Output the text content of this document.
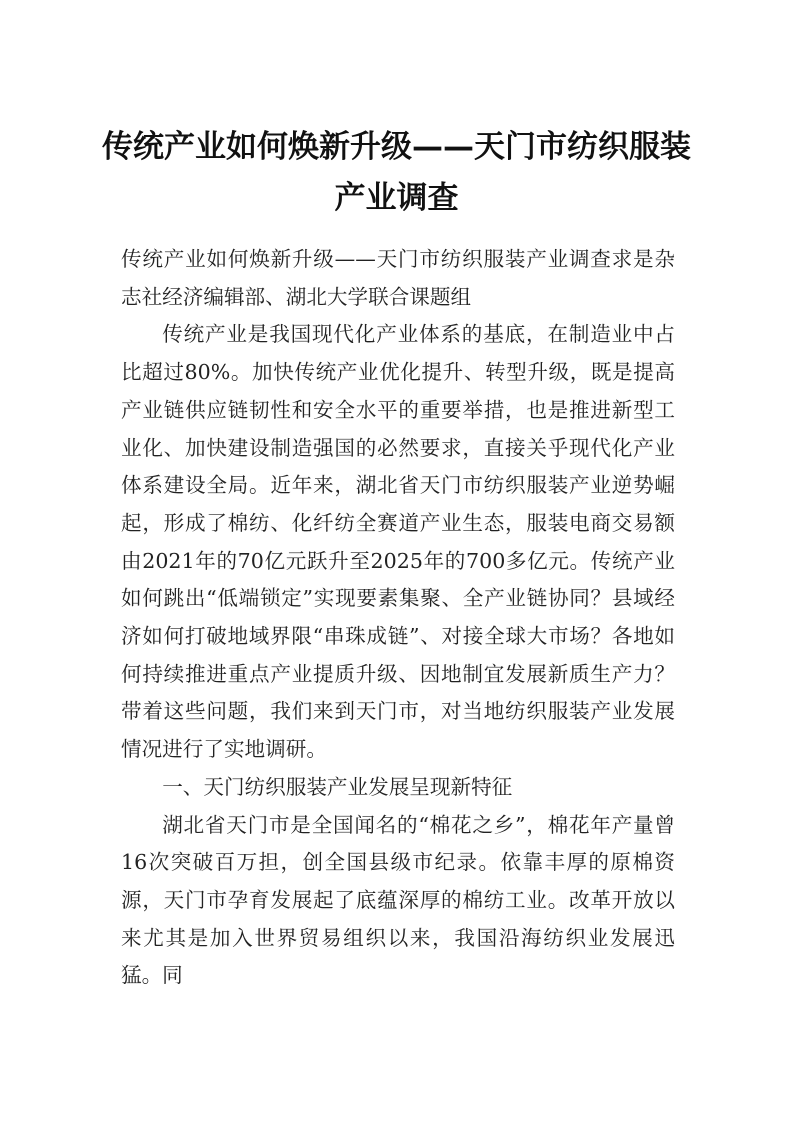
传统产业如何焕新升级——天门市纺织服装产业调查

传统产业如何焕新升级——天门市纺织服装产业调查求是杂志社经济编辑部、湖北大学联合课题组

传统产业是我国现代化产业体系的基底，在制造业中占比超过80%。加快传统产业优化提升、转型升级，既是提高产业链供应链韧性和安全水平的重要举措，也是推进新型工业化、加快建设制造强国的必然要求，直接关乎现代化产业体系建设全局。近年来，湖北省天门市纺织服装产业逆势崛起，形成了棉纺、化纤纺全赛道产业生态，服装电商交易额由2021年的70亿元跃升至2025年的700多亿元。传统产业如何跳出“低端锁定”实现要素集聚、全产业链协同？县域经济如何打破地域界限“串珠成链”、对接全球大市场？各地如何持续推进重点产业提质升级、因地制宜发展新质生产力？带着这些问题，我们来到天门市，对当地纺织服装产业发展情况进行了实地调研。

一、天门纺织服装产业发展呈现新特征

湖北省天门市是全国闻名的“棉花之乡”，棉花年产量曾16次突破百万担，创全国县级市纪录。依靠丰厚的原棉资源，天门市孕育发展起了底蕴深厚的棉纺工业。改革开放以来尤其是加入世界贸易组织以来，我国沿海纺织业发展迅猛。同
